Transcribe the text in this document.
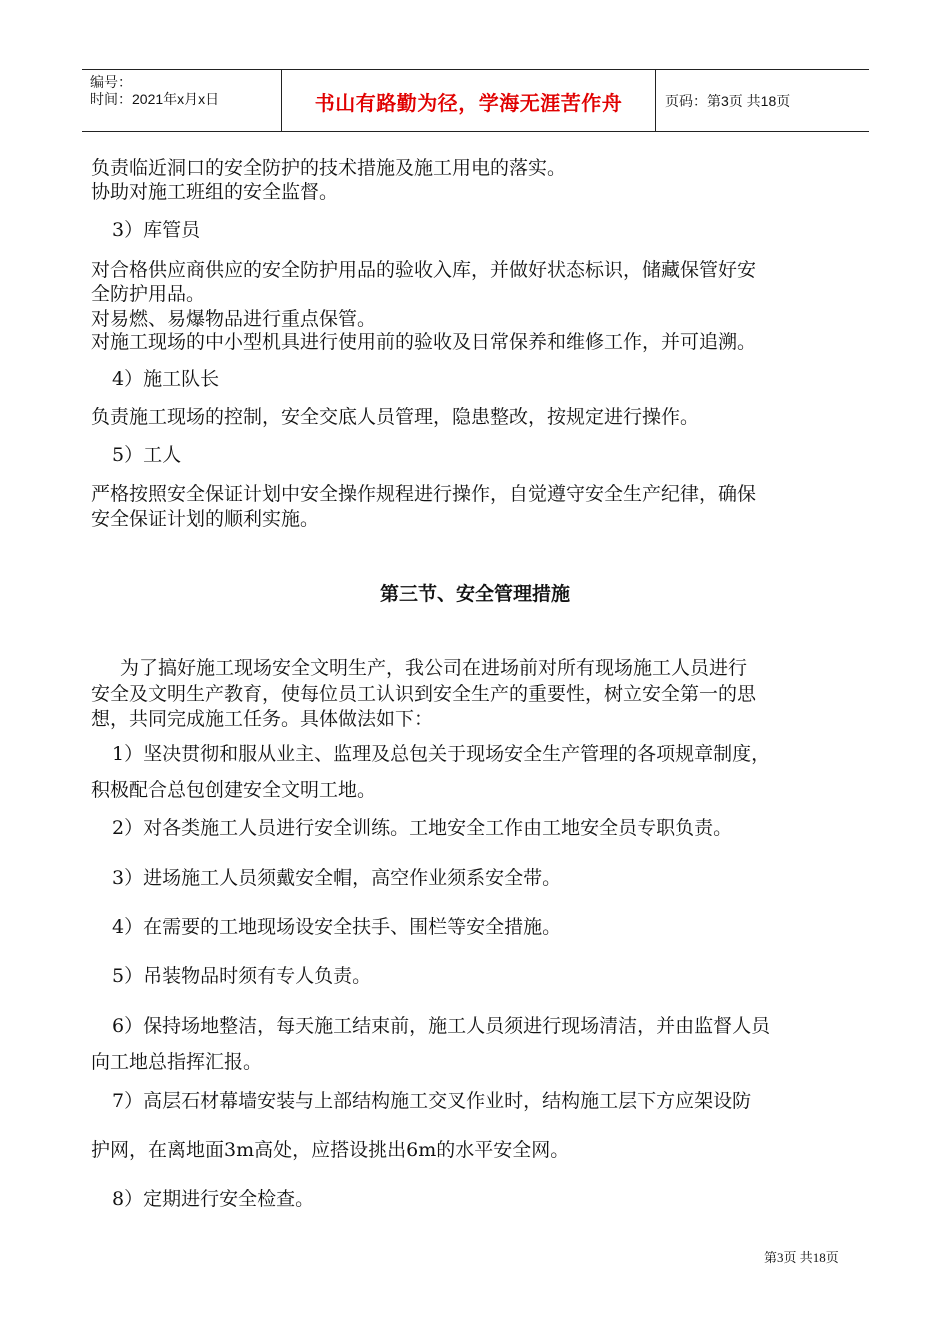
编号：
时间：2021年x月x日	书山有路勤为径，学海无涯苦作舟	页码：第3页 共18页
负责临近洞口的安全防护的技术措施及施工用电的落实。
协助对施工班组的安全监督。
3）库管员
对合格供应商供应的安全防护用品的验收入库，并做好状态标识，储藏保管好安
全防护用品。
对易燃、易爆物品进行重点保管。
对施工现场的中小型机具进行使用前的验收及日常保养和维修工作，并可追溯。
4）施工队长
负责施工现场的控制，安全交底人员管理，隐患整改，按规定进行操作。
5）工人
严格按照安全保证计划中安全操作规程进行操作，自觉遵守安全生产纪律，确保
安全保证计划的顺利实施。
第三节、安全管理措施
为了搞好施工现场安全文明生产，我公司在进场前对所有现场施工人员进行
安全及文明生产教育，使每位员工认识到安全生产的重要性，树立安全第一的思
想，共同完成施工任务。具体做法如下：
1）坚决贯彻和服从业主、监理及总包关于现场安全生产管理的各项规章制度，
积极配合总包创建安全文明工地。
2）对各类施工人员进行安全训练。工地安全工作由工地安全员专职负责。
3）进场施工人员须戴安全帽，高空作业须系安全带。
4）在需要的工地现场设安全扶手、围栏等安全措施。
5）吊装物品时须有专人负责。
6）保持场地整洁，每天施工结束前，施工人员须进行现场清洁，并由监督人员
向工地总指挥汇报。
7）高层石材幕墙安装与上部结构施工交叉作业时，结构施工层下方应架设防
护网，在离地面3m高处，应搭设挑出6m的水平安全网。
8）定期进行安全检查。
第3页 共18页
